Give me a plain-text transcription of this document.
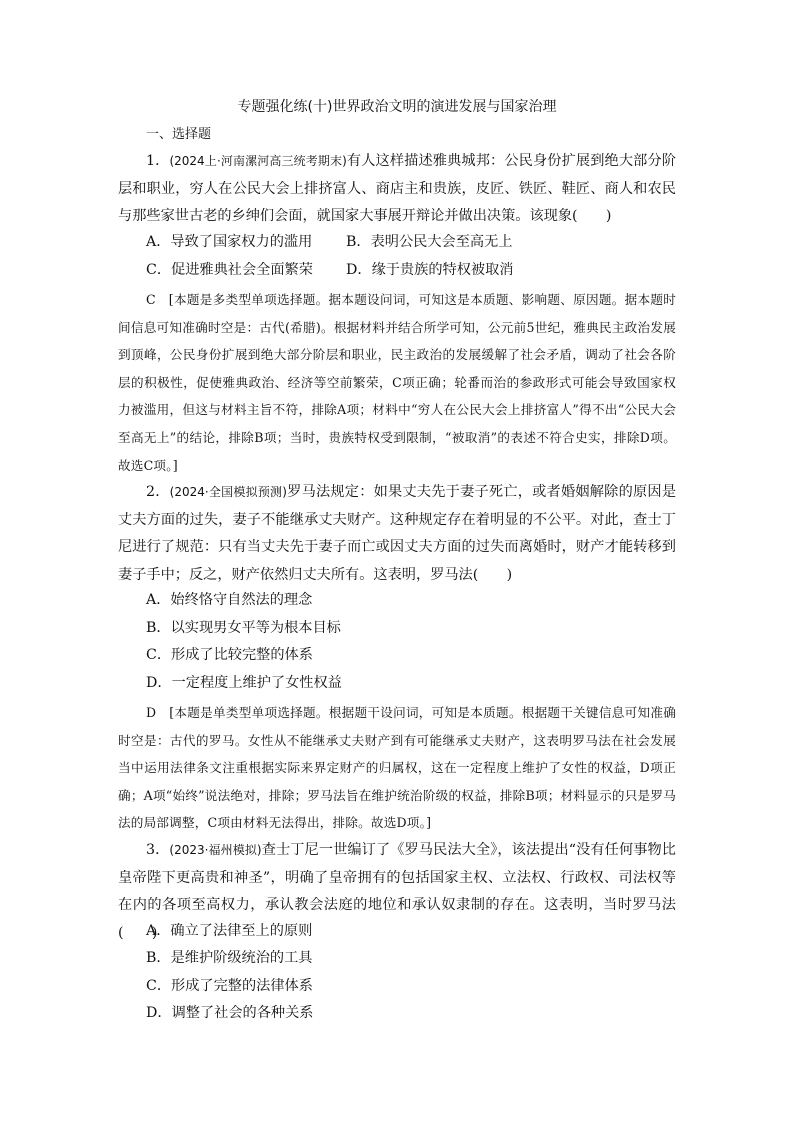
专题强化练(十)世界政治文明的演进发展与国家治理
一、选择题
1．(2024上·河南漯河高三统考期末)有人这样描述雅典城邦：公民身份扩展到绝大部分阶层和职业，穷人在公民大会上排挤富人、商店主和贵族，皮匠、铁匠、鞋匠、商人和农民与那些家世古老的乡绅们会面，就国家大事展开辩论并做出决策。该现象(　　)
A．导致了国家权力的滥用 B．表明公民大会至高无上
C．促进雅典社会全面繁荣 D．缘于贵族的特权被取消
C　[本题是多类型单项选择题。据本题设问词，可知这是本质题、影响题、原因题。据本题时间信息可知准确时空是：古代(希腊)。根据材料并结合所学可知，公元前5世纪，雅典民主政治发展到顶峰，公民身份扩展到绝大部分阶层和职业，民主政治的发展缓解了社会矛盾，调动了社会各阶层的积极性，促使雅典政治、经济等空前繁荣，C项正确；轮番而治的参政形式可能会导致国家权力被滥用，但这与材料主旨不符，排除A项；材料中“穷人在公民大会上排挤富人”得不出“公民大会至高无上”的结论，排除B项；当时，贵族特权受到限制，“被取消”的表述不符合史实，排除D项。故选C项。]
2．(2024·全国模拟预测)罗马法规定：如果丈夫先于妻子死亡，或者婚姻解除的原因是丈夫方面的过失，妻子不能继承丈夫财产。这种规定存在着明显的不公平。对此，查士丁尼进行了规范：只有当丈夫先于妻子而亡或因丈夫方面的过失而离婚时，财产才能转移到妻子手中；反之，财产依然归丈夫所有。这表明，罗马法(　　)
A．始终恪守自然法的理念
B．以实现男女平等为根本目标
C．形成了比较完整的体系
D．一定程度上维护了女性权益
D　[本题是单类型单项选择题。根据题干设问词，可知是本质题。根据题干关键信息可知准确时空是：古代的罗马。女性从不能继承丈夫财产到有可能继承丈夫财产，这表明罗马法在社会发展当中运用法律条文注重根据实际来界定财产的归属权，这在一定程度上维护了女性的权益，D项正确；A项“始终”说法绝对，排除；罗马法旨在维护统治阶级的权益，排除B项；材料显示的只是罗马法的局部调整，C项由材料无法得出，排除。故选D项。]
3．(2023·福州模拟)查士丁尼一世编订了《罗马民法大全》，该法提出“没有任何事物比皇帝陛下更高贵和神圣”，明确了皇帝拥有的包括国家主权、立法权、行政权、司法权等在内的各项至高权力，承认教会法庭的地位和承认奴隶制的存在。这表明，当时罗马法(　　)
A．确立了法律至上的原则
B．是维护阶级统治的工具
C．形成了完整的法律体系
D．调整了社会的各种关系
